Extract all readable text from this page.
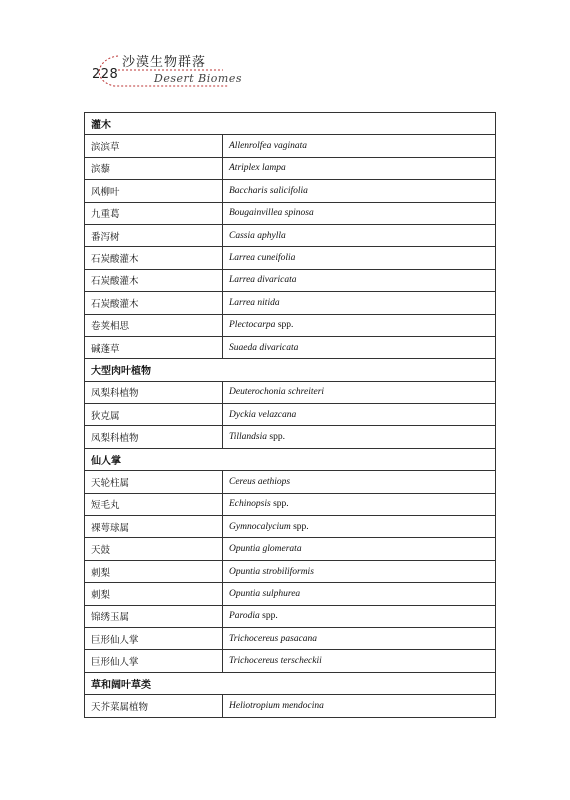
228
沙漠生物群落
Desert Biomes
灌木	
滨滨草	Allenrolfea vaginata
滨藜	Atriplex lampa
风柳叶	Baccharis salicifolia
九重葛	Bougainvillea spinosa
番泻树	Cassia aphylla
石炭酸灌木	Larrea cuneifolia
石炭酸灌木	Larrea divaricata
石炭酸灌木	Larrea nitida
卷荚相思	Plectocarpa spp.
碱蓬草	Suaeda divaricata
大型肉叶植物	
凤梨科植物	Deuterochonia schreiteri
狄克属	Dyckia velazcana
凤梨科植物	Tillandsia spp.
仙人掌	
天轮柱属	Cereus aethiops
短毛丸	Echinopsis spp.
裸萼球属	Gymnocalycium spp.
天鼓	Opuntia glomerata
刺梨	Opuntia strobiliformis
刺梨	Opuntia sulphurea
锦绣玉属	Parodia spp.
巨形仙人掌	Trichocereus pasacana
巨形仙人掌	Trichocereus terscheckii
草和阔叶草类	
天芥菜属植物	Heliotropium mendocina
